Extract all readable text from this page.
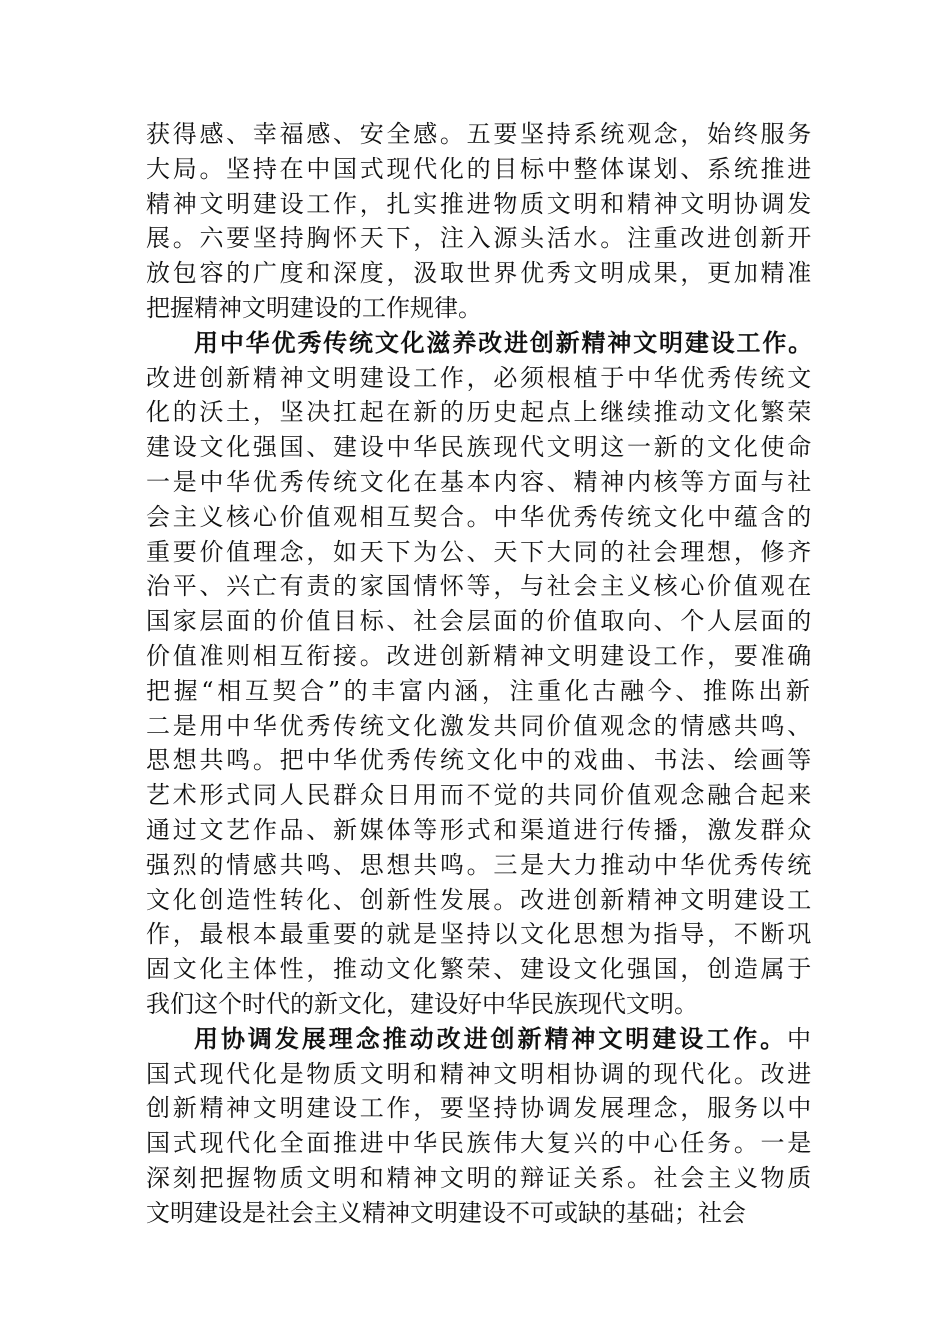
获得感、幸福感、安全感。五要坚持系统观念，始终服务
大局。坚持在中国式现代化的目标中整体谋划、系统推进
精神文明建设工作，扎实推进物质文明和精神文明协调发
展。六要坚持胸怀天下，注入源头活水。注重改进创新开
放包容的广度和深度，汲取世界优秀文明成果，更加精准
把握精神文明建设的工作规律。
用中华优秀传统文化滋养改进创新精神文明建设工作。
改进创新精神文明建设工作，必须根植于中华优秀传统文
化的沃土，坚决扛起在新的历史起点上继续推动文化繁荣
建设文化强国、建设中华民族现代文明这一新的文化使命
一是中华优秀传统文化在基本内容、精神内核等方面与社
会主义核心价值观相互契合。中华优秀传统文化中蕴含的
重要价值理念，如天下为公、天下大同的社会理想，修齐
治平、兴亡有责的家国情怀等，与社会主义核心价值观在
国家层面的价值目标、社会层面的价值取向、个人层面的
价值准则相互衔接。改进创新精神文明建设工作，要准确
把握“相互契合”的丰富内涵，注重化古融今、推陈出新
二是用中华优秀传统文化激发共同价值观念的情感共鸣、
思想共鸣。把中华优秀传统文化中的戏曲、书法、绘画等
艺术形式同人民群众日用而不觉的共同价值观念融合起来
通过文艺作品、新媒体等形式和渠道进行传播，激发群众
强烈的情感共鸣、思想共鸣。三是大力推动中华优秀传统
文化创造性转化、创新性发展。改进创新精神文明建设工
作，最根本最重要的就是坚持以文化思想为指导，不断巩
固文化主体性，推动文化繁荣、建设文化强国，创造属于
我们这个时代的新文化，建设好中华民族现代文明。
用协调发展理念推动改进创新精神文明建设工作。中
国式现代化是物质文明和精神文明相协调的现代化。改进
创新精神文明建设工作，要坚持协调发展理念，服务以中
国式现代化全面推进中华民族伟大复兴的中心任务。一是
深刻把握物质文明和精神文明的辩证关系。社会主义物质
文明建设是社会主义精神文明建设不可或缺的基础；社会
